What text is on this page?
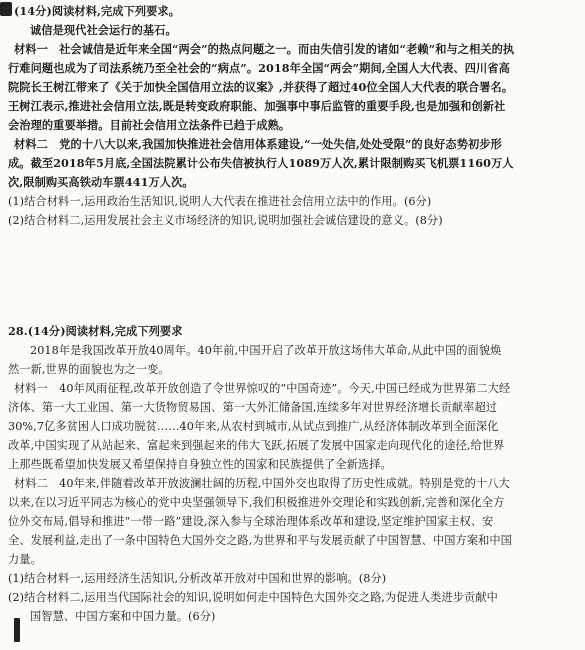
(14分)阅读材料,完成下列要求。
诚信是现代社会运行的基石。
材料一　社会诚信是近年来全国“两会”的热点问题之一。而由失信引发的诸如“老赖”和与之相关的执
行难问题也成为了司法系统乃至全社会的“病点”。2018年全国“两会”期间,全国人大代表、四川省高
院院长王树江带来了《关于加快全国信用立法的议案》,并获得了超过40位全国人大代表的联合署名。
王树江表示,推进社会信用立法,既是转变政府职能、加强事中事后监管的重要手段,也是加强和创新社
会治理的重要举措。目前社会信用立法条件已趋于成熟。
材料二　党的十八大以来,我国加快推进社会信用体系建设,“一处失信,处处受限”的良好态势初步形
成。截至2018年5月底,全国法院累计公布失信被执行人1089万人次,累计限制购买飞机票1160万人
次,限制购买高铁动车票441万人次。
(1)结合材料一,运用政治生活知识,说明人大代表在推进社会信用立法中的作用。(6分)
(2)结合材料二,运用发展社会主义市场经济的知识,说明加强社会诚信建设的意义。(8分)
28.(14分)阅读材料,完成下列要求
2018年是我国改革开放40周年。40年前,中国开启了改革开放这场伟大革命,从此中国的面貌焕
然一新,世界的面貌也为之一变。
材料一　40年风雨征程,改革开放创造了令世界惊叹的“中国奇迹”。今天,中国已经成为世界第二大经
济体、第一大工业国、第一大货物贸易国、第一大外汇储备国,连续多年对世界经济增长贡献率超过
30%,7亿多贫困人口成功脱贫……40年来,从农村到城市,从试点到推广,从经济体制改革到全面深化
改革,中国实现了从站起来、富起来到强起来的伟大飞跃,拓展了发展中国家走向现代化的途径,给世界
上那些既希望加快发展又希望保持自身独立性的国家和民族提供了全新选择。
材料二　40年来,伴随着改革开放波澜壮阔的历程,中国外交也取得了历史性成就。特别是党的十八大
以来,在以习近平同志为核心的党中央坚强领导下,我们积极推进外交理论和实践创新,完善和深化全方
位外交布局,倡导和推进“一带一路”建设,深入参与全球治理体系改革和建设,坚定维护国家主权、安
全、发展利益,走出了一条中国特色大国外交之路,为世界和平与发展贡献了中国智慧、中国方案和中国
力量。
(1)结合材料一,运用经济生活知识,分析改革开放对中国和世界的影响。(8分)
(2)结合材料二,运用当代国际社会的知识,说明如何走中国特色大国外交之路,为促进人类进步贡献中
国智慧、中国方案和中国力量。(6分)
